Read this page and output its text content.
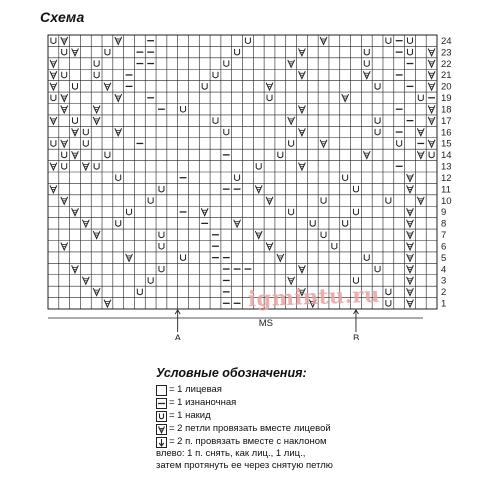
Схема
1
2
3
4
5
6
7
8
9
10
11
12
13
14
15
16
17
18
19
20
21
22
23
24
A	B
MS
igmintu.ru
Условные обозначения:
= 1 лицевая
= 1 изнаночная
= 1 накид
= 2 петли провязать вместе лицевой
= 2 п. провязать вместе с наклоном
влево: 1 п. снять, как лиц., 1 лиц.,
затем протянуть ее через снятую петлю
